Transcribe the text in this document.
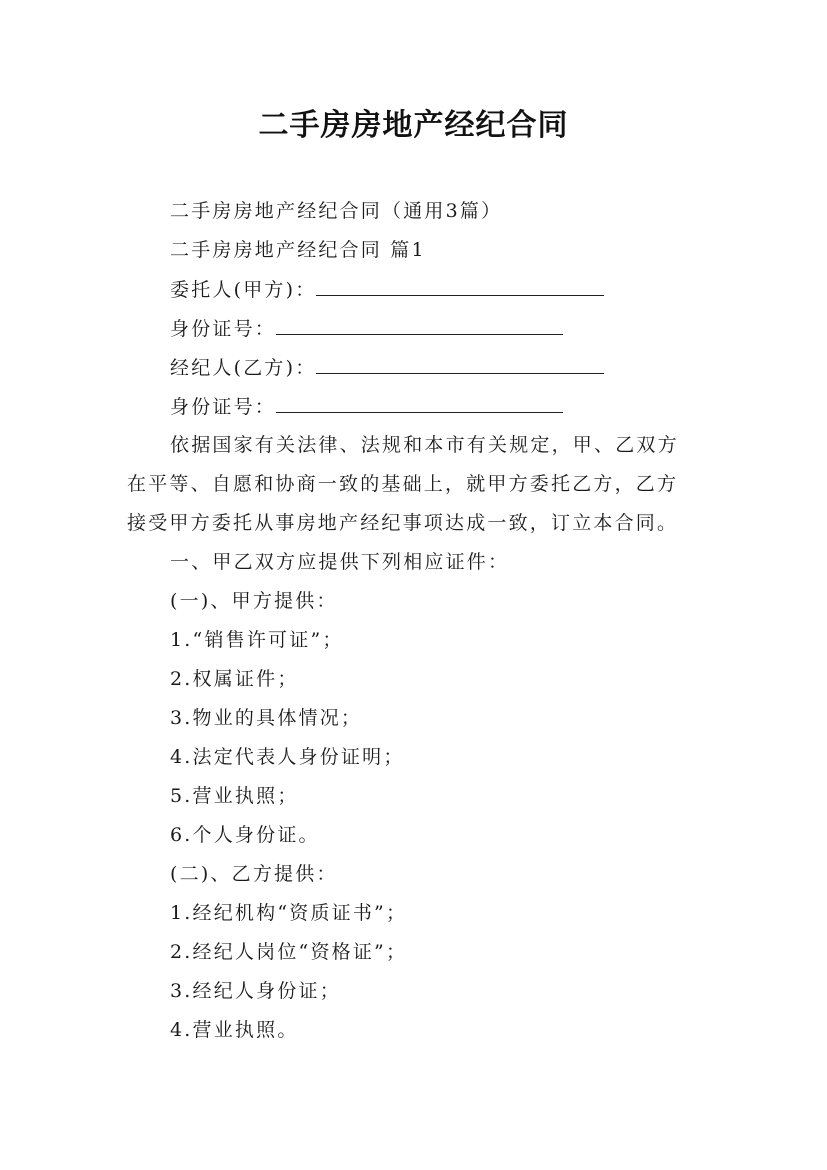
二手房房地产经纪合同
二手房房地产经纪合同（通用3篇）
二手房房地产经纪合同 篇1
委托人(甲方)：
身份证号：
经纪人(乙方)：
身份证号：
依据国家有关法律、法规和本市有关规定，甲、乙双方
在平等、自愿和协商一致的基础上，就甲方委托乙方，乙方
接受甲方委托从事房地产经纪事项达成一致，订立本合同。
一、甲乙双方应提供下列相应证件：
(一)、甲方提供：
1.“销售许可证”；
2.权属证件；
3.物业的具体情况；
4.法定代表人身份证明；
5.营业执照；
6.个人身份证。
(二)、乙方提供：
1.经纪机构“资质证书”；
2.经纪人岗位“资格证”；
3.经纪人身份证；
4.营业执照。
